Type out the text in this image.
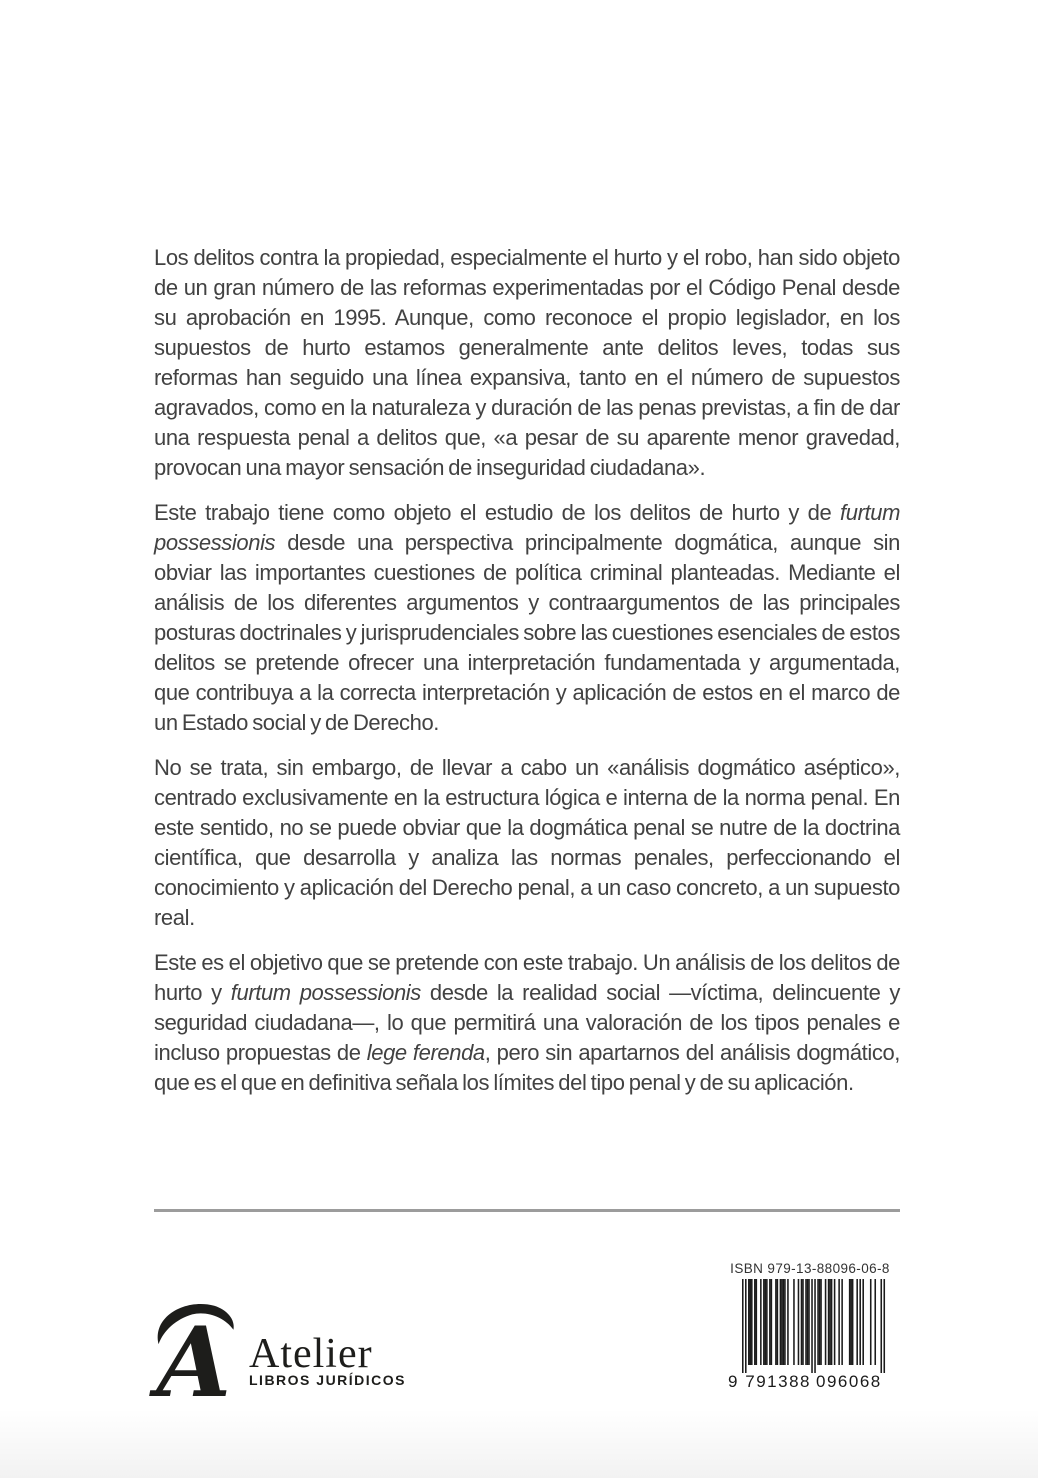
Los delitos contra la propiedad, especialmente el hurto y el robo, han sido objeto de un gran número de las reformas experimentadas por el Código Penal desde su aprobación en 1995. Aunque, como reconoce el propio legislador, en los supuestos de hurto estamos generalmente ante delitos leves, todas sus reformas han seguido una línea expansiva, tanto en el número de supuestos agravados, como en la naturaleza y duración de las penas previstas, a fin de dar una respuesta penal a delitos que, «a pesar de su aparente menor gravedad, provocan una mayor sensación de inseguridad ciudadana».

Este trabajo tiene como objeto el estudio de los delitos de hurto y de furtum possessionis desde una perspectiva principalmente dogmática, aunque sin obviar las importantes cuestiones de política criminal planteadas. Mediante el análisis de los diferentes argumentos y contraargumentos de las principales posturas doctrinales y jurisprudenciales sobre las cuestiones esenciales de estos delitos se pretende ofrecer una interpretación fundamentada y argumentada, que contribuya a la correcta interpretación y aplicación de estos en el marco de un Estado social y de Derecho.

No se trata, sin embargo, de llevar a cabo un «análisis dogmático aséptico», centrado exclusivamente en la estructura lógica e interna de la norma penal. En este sentido, no se puede obviar que la dogmática penal se nutre de la doctrina científica, que desarrolla y analiza las normas penales, perfeccionando el conocimiento y aplicación del Derecho penal, a un caso concreto, a un supuesto real.

Este es el objetivo que se pretende con este trabajo. Un análisis de los delitos de hurto y furtum possessionis desde la realidad social —víctima, delincuente y seguridad ciudadana—, lo que permitirá una valoración de los tipos penales e incluso propuestas de lege ferenda, pero sin apartarnos del análisis dogmático, que es el que en definitiva señala los límites del tipo penal y de su aplicación.

A Atelier
LIBROS JURÍDICOS
ISBN 979-13-88096-06-8
9 791388 096068
